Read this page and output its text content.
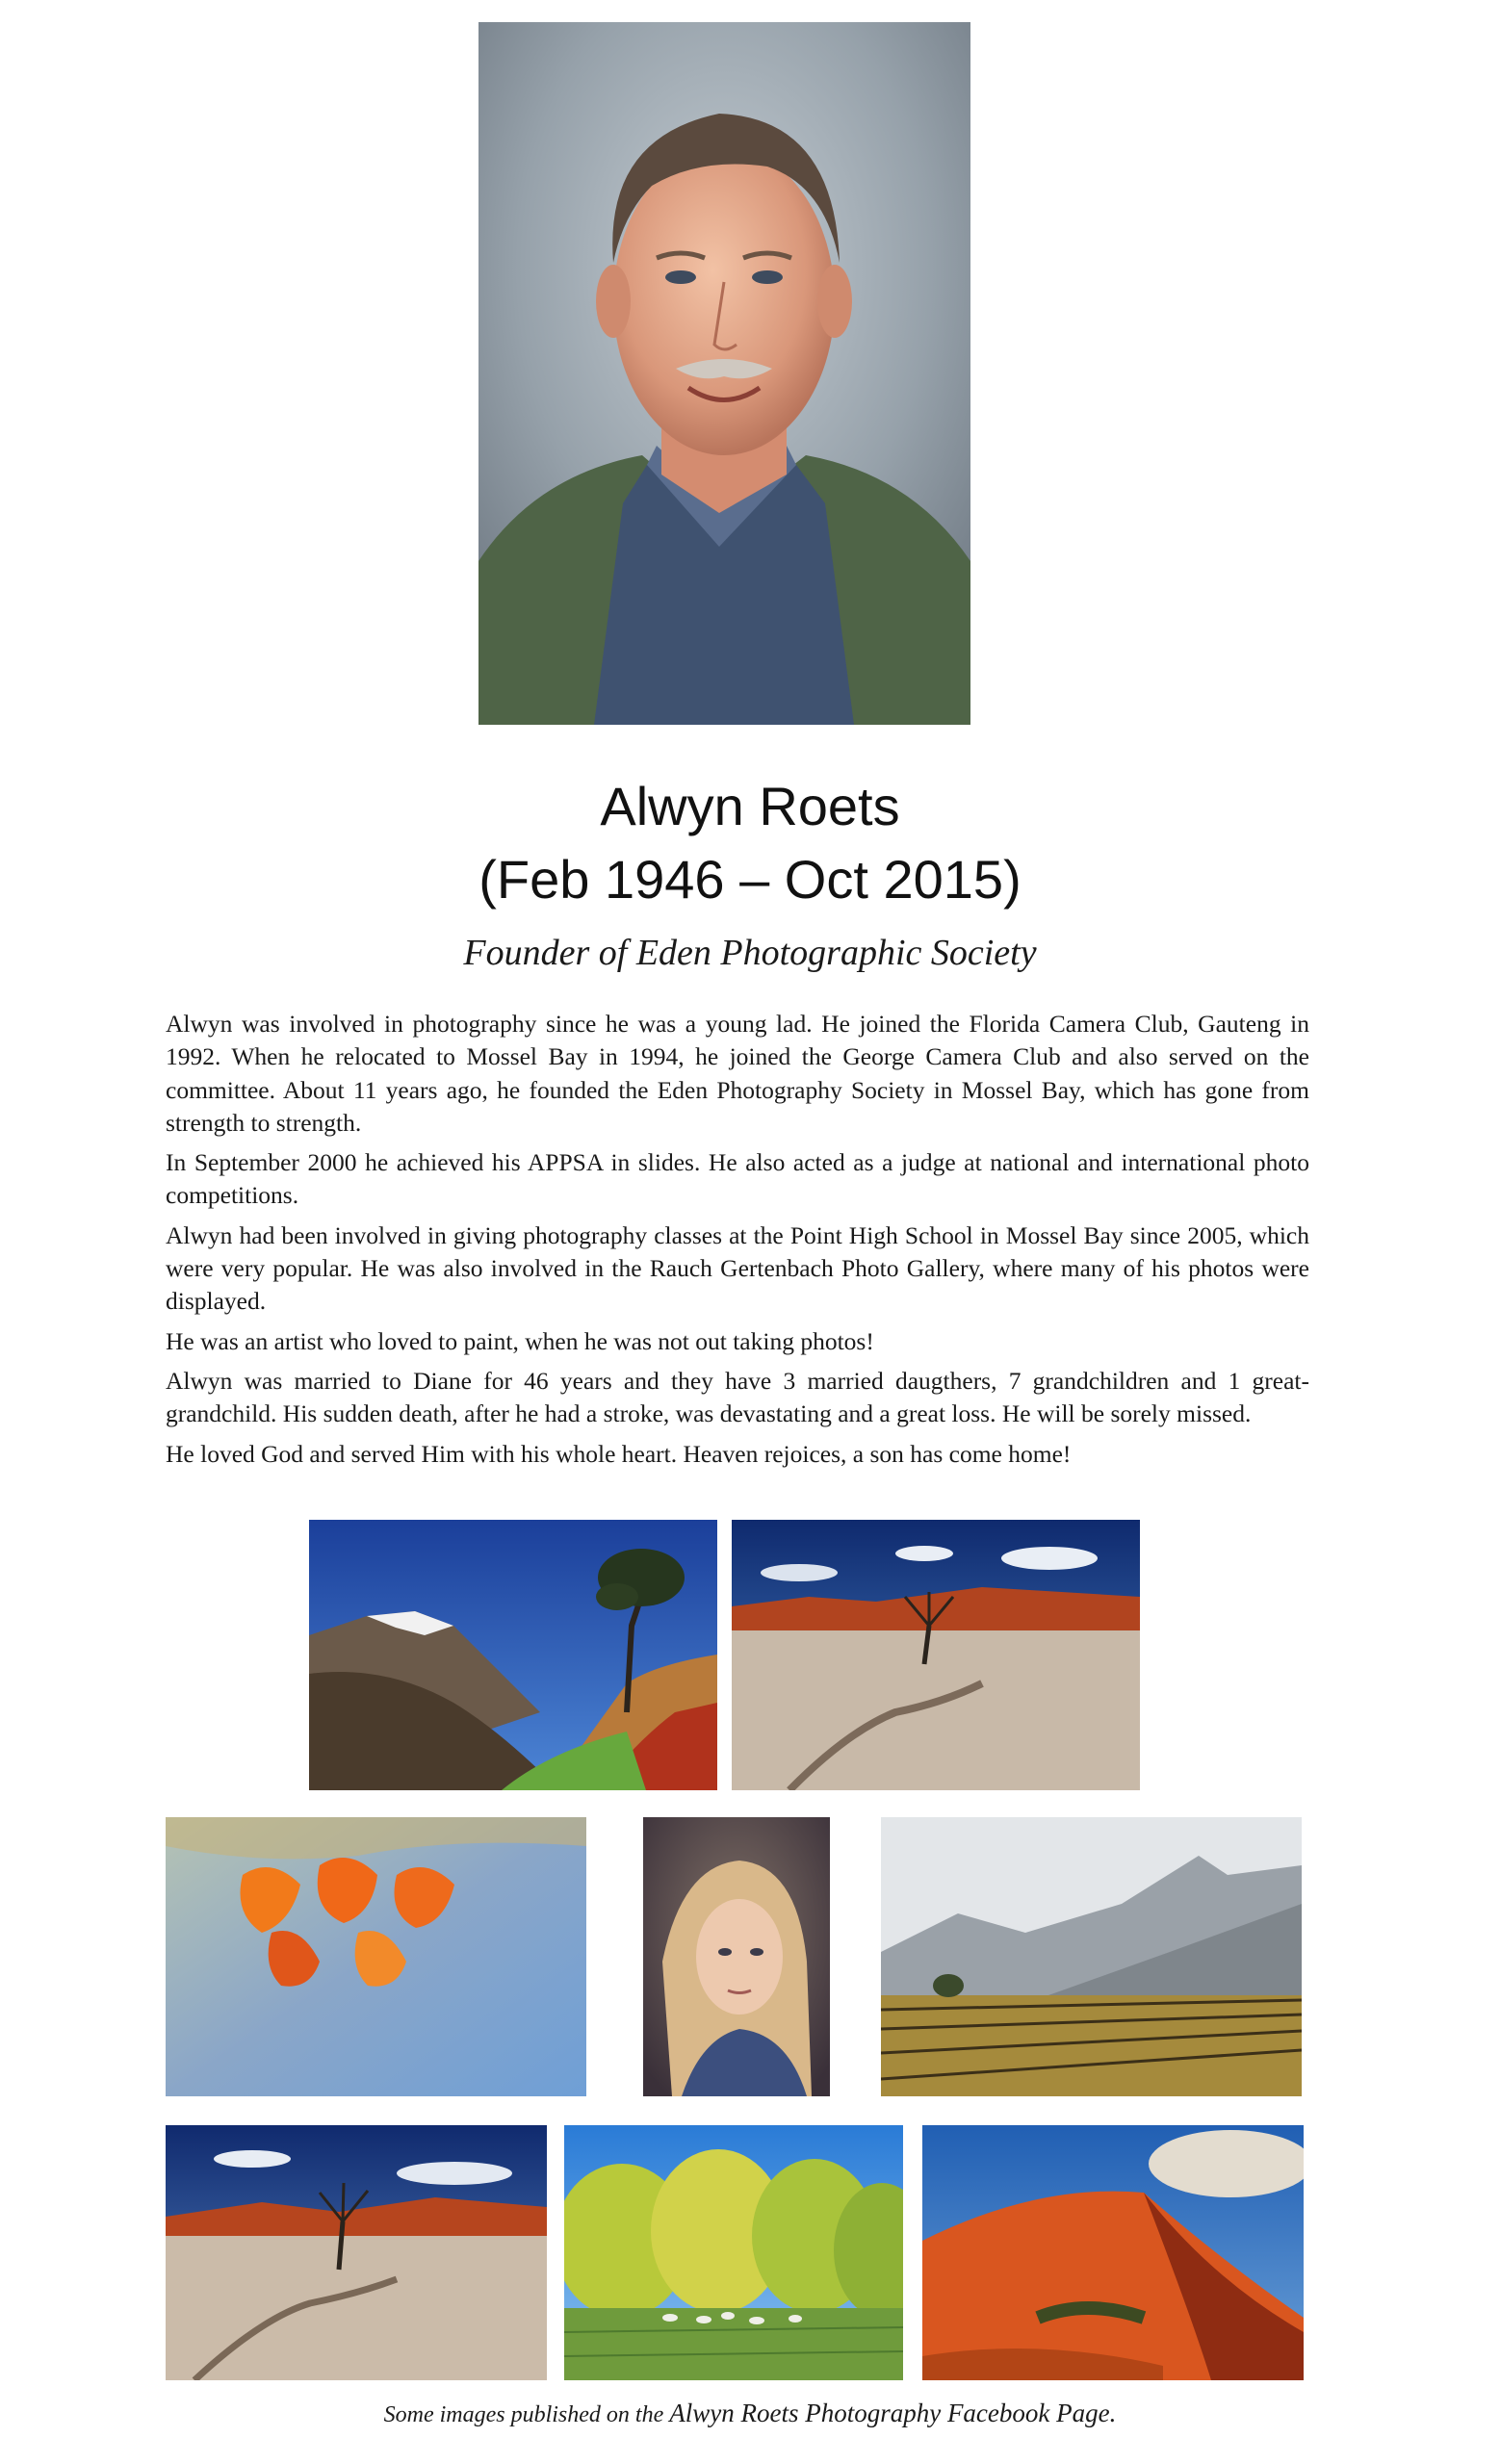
Alwyn Roets
(Feb 1946 – Oct 2015)
Founder of Eden Photographic Society

Alwyn was involved in photography since he was a young lad. He joined the Florida Camera Club, Gauteng in 1992. When he relocated to Mossel Bay in 1994, he joined the George Camera Club and also served on the committee. About 11 years ago, he founded the Eden Photography Society in Mossel Bay, which has gone from strength to strength.

In September 2000 he achieved his APPSA in slides. He also acted as a judge at national and international photo competitions.

Alwyn had been involved in giving photography classes at the Point High School in Mossel Bay since 2005, which were very popular. He was also involved in the Rauch Gertenbach Photo Gallery, where many of his photos were displayed.

He was an artist who loved to paint, when he was not out taking photos!

Alwyn was married to Diane for 46 years and they have 3 married daugthers, 7 grandchildren and 1 great-grandchild. His sudden death, after he had a stroke, was devastating and a great loss. He will be sorely missed.

He loved God and served Him with his whole heart. Heaven rejoices, a son has come home!

Some images published on the Alwyn Roets Photography Facebook Page.
